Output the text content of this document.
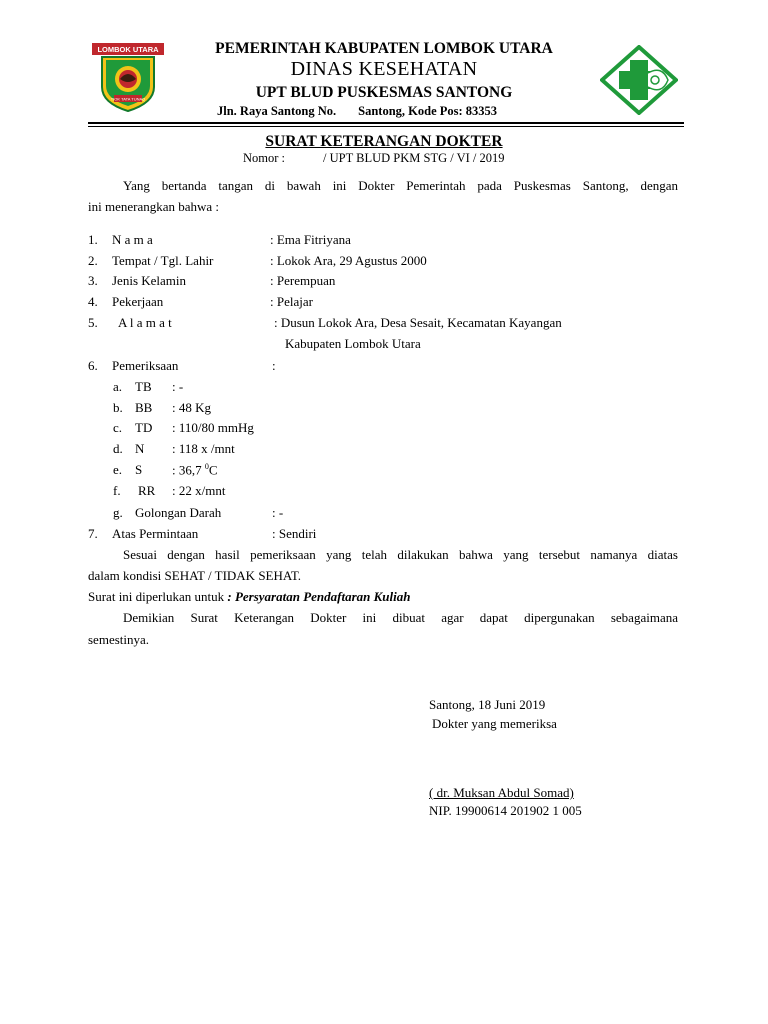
LOMBOK UTARA
TIOK TATA TUNAQ
PEMERINTAH KABUPATEN LOMBOK UTARA
DINAS KESEHATAN
UPT BLUD PUSKESMAS SANTONG
Jln. Raya Santong No. Santong, Kode Pos: 83353
SURAT KETERANGAN DOKTER
Nomor :	/ UPT BLUD PKM STG / VI / 2019
Yang bertanda tangan di bawah ini Dokter Pemerintah pada Puskesmas Santong, dengan
ini menerangkan bahwa :
1. N a m a	: Ema Fitriyana
2. Tempat / Tgl. Lahir	: Lokok Ara, 29 Agustus 2000
3. Jenis Kelamin	: Perempuan
4. Pekerjaan	: Pelajar
5. A l a m a t	: Dusun Lokok Ara, Desa Sesait, Kecamatan Kayangan
Kabupaten Lombok Utara
6. Pemeriksaan	:
a. TB : -
b. BB : 48 Kg
c. TD : 110/80 mmHg
d. N : 118 x /mnt
e. S : 36,7 $^0$C
f. RR : 22 x/mnt
g. Golongan Darah	: -
7. Atas Permintaan	: Sendiri
Sesuai dengan hasil pemeriksaan yang telah dilakukan bahwa yang tersebut namanya diatas
dalam kondisi SEHAT / TIDAK SEHAT.
Surat ini diperlukan untuk : Persyaratan Pendaftaran Kuliah
Demikian Surat Keterangan Dokter ini dibuat agar dapat dipergunakan sebagaimana
semestinya.
Santong, 18 Juni 2019
Dokter yang memeriksa
( dr. Muksan Abdul Somad)
NIP. 19900614 201902 1 005
